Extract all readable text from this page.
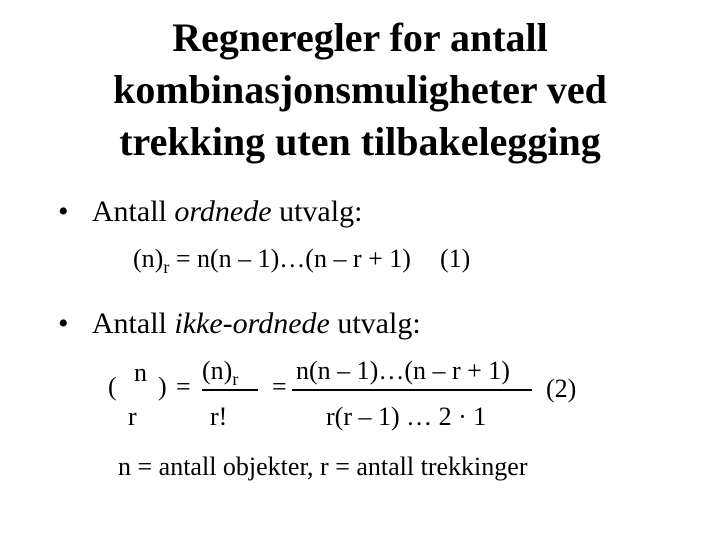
Regneregler for antall
kombinasjonsmuligheter ved
trekking uten tilbakelegging
• Antall ordnede utvalg:
$(n)_r = n(n$ – 1)…(n – r + 1) (1)
• Antall ikke-ordnede utvalg:
( n
r
) =
$(n)_r$
r!
=
n(n – 1)…(n – r + 1)
r(r – 1) … 2 · 1
(2)
n = antall objekter, r = antall trekkinger
